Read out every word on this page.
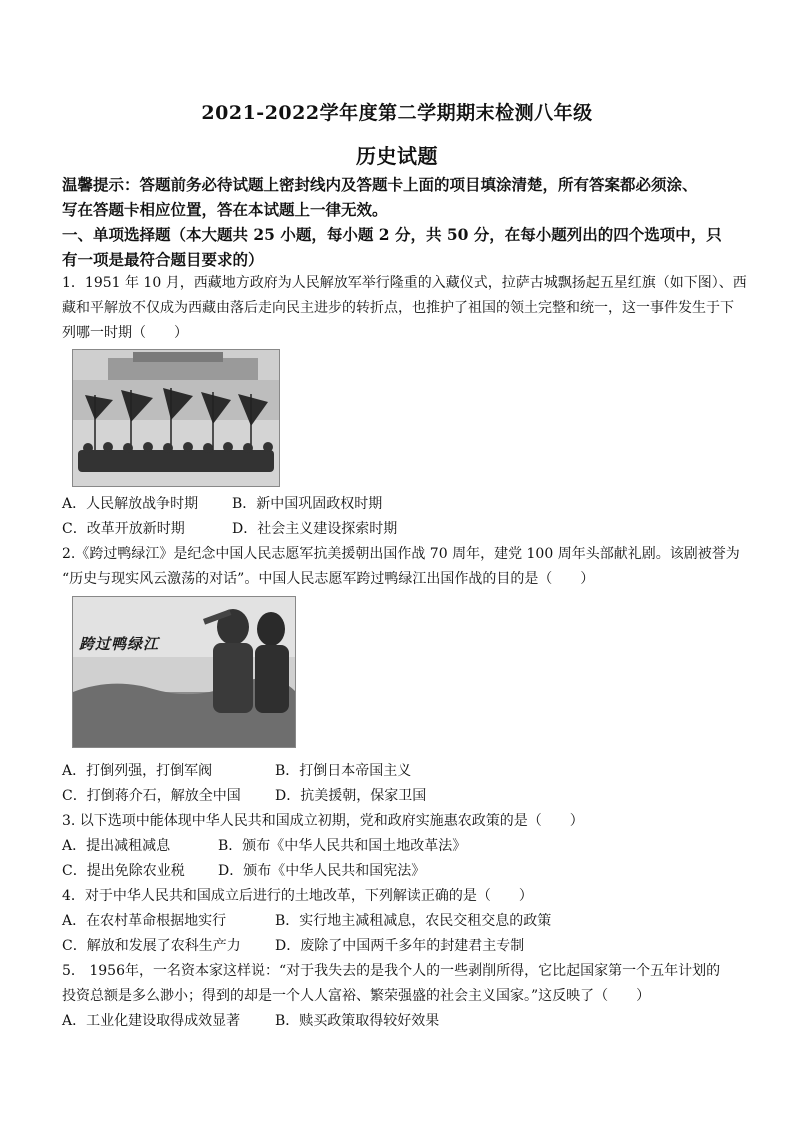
2021-2022学年度第二学期期末检测八年级
历史试题
温馨提示：答题前务必待试题上密封线内及答题卡上面的项目填涂清楚，所有答案都必须涂、
写在答题卡相应位置，答在本试题上一律无效。
一、单项选择题（本大题共 25 小题，每小题 2 分，共 50 分，在每小题列出的四个选项中，只
有一项是最符合题目要求的）
1．1951 年 10 月，西藏地方政府为人民解放军举行隆重的入藏仪式，拉萨古城飘扬起五星红旗（如下图）、西
藏和平解放不仅成为西藏由落后走向民主进步的转折点，也推护了祖国的领土完整和统一，这一事件发生于下
列哪一时期（　　）
A．人民解放战争时期 B．新中国巩固政权时期
C．改革开放新时期	D．社会主义建设探索时期
2.《跨过鸭绿江》是纪念中国人民志愿军抗美援朝出国作战 70 周年，建党 100 周年头部献礼剧。该剧被誉为
“历史与现实风云激荡的对话”。中国人民志愿军跨过鸭绿江出国作战的目的是（　　）
跨过鸭绿江
A．打倒列强，打倒军阀	B．打倒日本帝国主义
C．打倒蒋介石，解放全中国 D．抗美援朝，保家卫国
3. 以下选项中能体现中华人民共和国成立初期，党和政府实施惠农政策的是（　　）
A．提出减租减息	B．颁布《中华人民共和国土地改革法》
C．提出免除农业税 D．颁布《中华人民共和国宪法》
4．对于中华人民共和国成立后进行的土地改革，下列解读正确的是（　　）
A．在农村革命根据地实行	B．实行地主减租减息，农民交租交息的政策
C．解放和发展了农科生产力 D．废除了中国两千多年的封建君主专制
5． 1956年，一名资本家这样说：“对于我失去的是我个人的一些剥削所得，它比起国家第一个五年计划的
投资总额是多么渺小；得到的却是一个人人富裕、繁荣强盛的社会主义国家。”这反映了（　　）
A．工业化建设取得成效显著 B．赎买政策取得较好效果
